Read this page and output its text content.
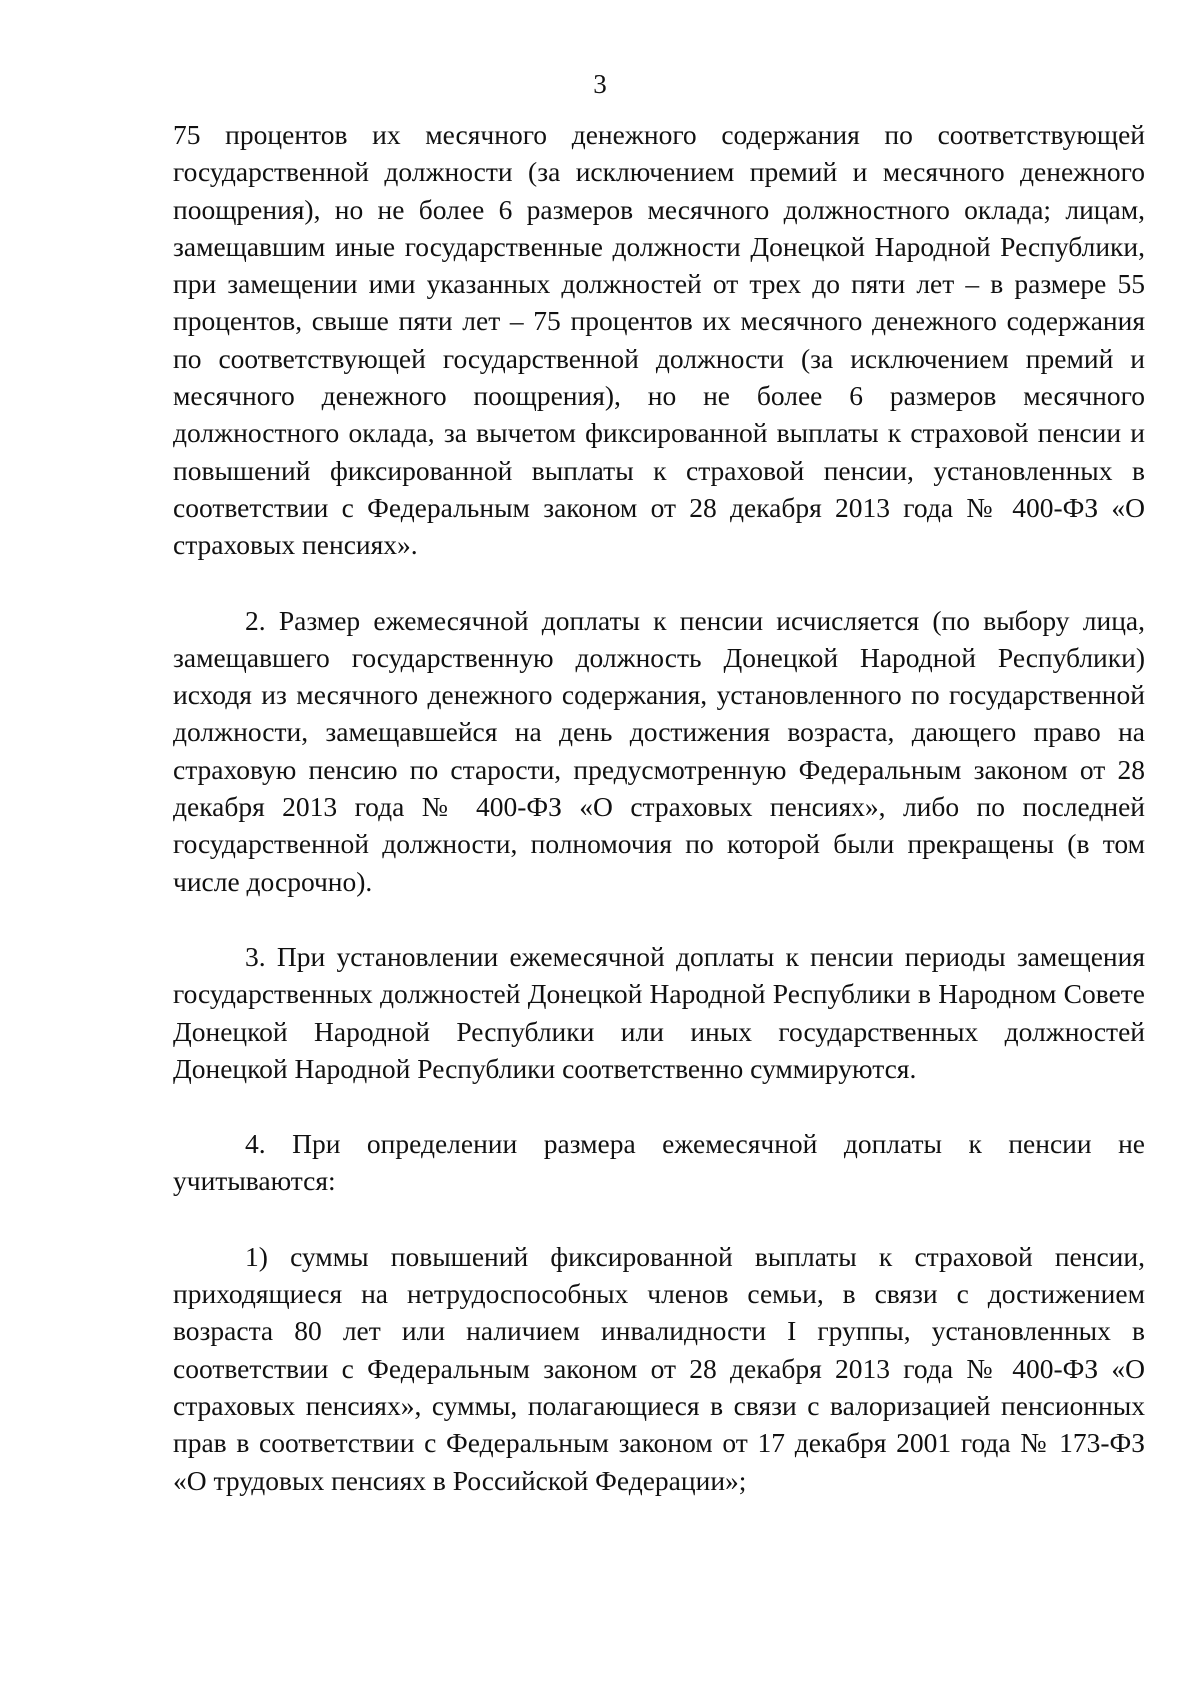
3

75 процентов их месячного денежного содержания по соответствующей государственной должности (за исключением премий и месячного денежного поощрения), но не более 6 размеров месячного должностного оклада; лицам, замещавшим иные государственные должности Донецкой Народной Республики, при замещении ими указанных должностей от трех до пяти лет – в размере 55 процентов, свыше пяти лет – 75 процентов их месячного денежного содержания по соответствующей государственной должности (за исключением премий и месячного денежного поощрения), но не более 6 размеров месячного должностного оклада, за вычетом фиксированной выплаты к страховой пенсии и повышений фиксированной выплаты к страховой пенсии, установленных в соответствии с Федеральным законом от 28 декабря 2013 года № 400-ФЗ «О страховых пенсиях».

2. Размер ежемесячной доплаты к пенсии исчисляется (по выбору лица, замещавшего государственную должность Донецкой Народной Республики) исходя из месячного денежного содержания, установленного по государственной должности, замещавшейся на день достижения возраста, дающего право на страховую пенсию по старости, предусмотренную Федеральным законом от 28 декабря 2013 года № 400-ФЗ «О страховых пенсиях», либо по последней государственной должности, полномочия по которой были прекращены (в том числе досрочно).

3. При установлении ежемесячной доплаты к пенсии периоды замещения государственных должностей Донецкой Народной Республики в Народном Совете Донецкой Народной Республики или иных государственных должностей Донецкой Народной Республики соответственно суммируются.

4. При определении размера ежемесячной доплаты к пенсии не учитываются:

1) суммы повышений фиксированной выплаты к страховой пенсии, приходящиеся на нетрудоспособных членов семьи, в связи с достижением возраста 80 лет или наличием инвалидности I группы, установленных в соответствии с Федеральным законом от 28 декабря 2013 года № 400-ФЗ «О страховых пенсиях», суммы, полагающиеся в связи с валоризацией пенсионных прав в соответствии с Федеральным законом от 17 декабря 2001 года № 173-ФЗ «О трудовых пенсиях в Российской Федерации»;
